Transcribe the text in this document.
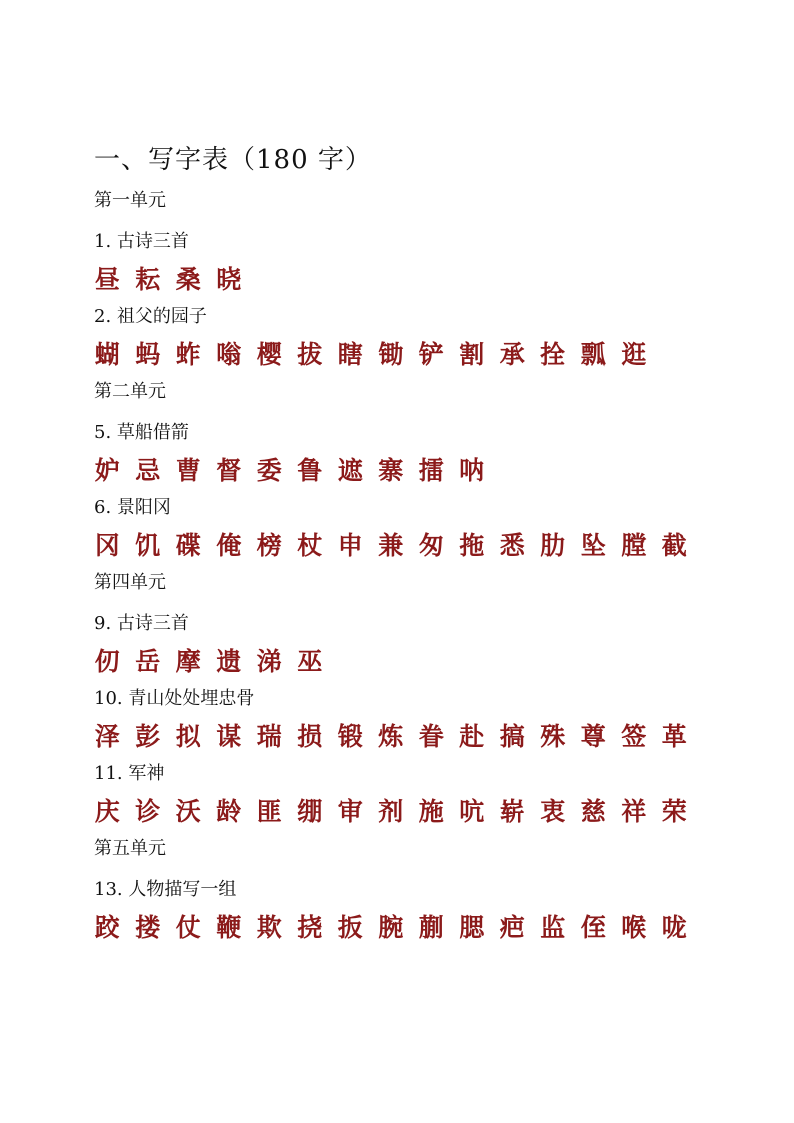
一、写字表（180 字）
第一单元
1. 古诗三首
昼 耘 桑 晓
2. 祖父的园子
蝴 蚂 蚱 嗡 樱 拔 瞎 锄 铲 割 承 拴 瓢 逛
第二单元
5. 草船借箭
妒 忌 曹 督 委 鲁 遮 寨 擂 呐
6. 景阳冈
冈 饥 碟 俺 榜 杖 申 兼 匆 拖 悉 肋 坠 膛 截
第四单元
9. 古诗三首
仞 岳 摩 遗 涕 巫
10. 青山处处埋忠骨
泽 彭 拟 谋 瑞 损 锻 炼 眷 赴 搞 殊 尊 签 革
11. 军神
庆 诊 沃 龄 匪 绷 审 剂 施 吭 崭 衷 慈 祥 荣
第五单元
13. 人物描写一组
跤 搂 仗 鞭 欺 挠 扳 腕 蒯 腮 疤 监 侄 喉 咙
